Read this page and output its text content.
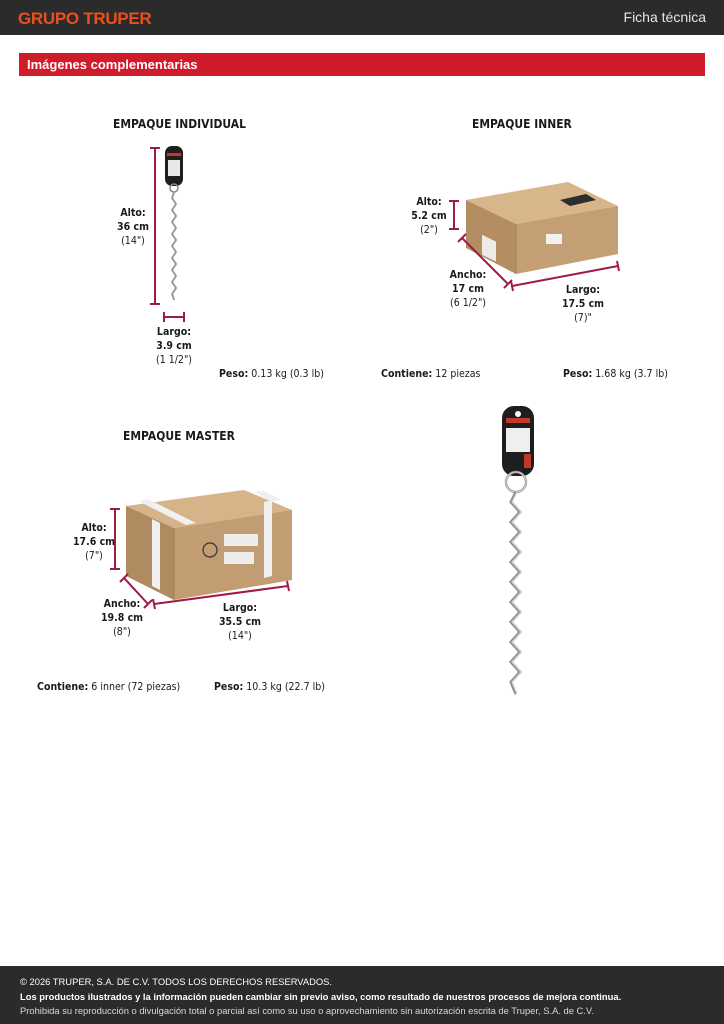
GRUPO TRUPER	Ficha técnica
Imágenes complementarias
EMPAQUE INDIVIDUAL
Alto:
36 cm
(14")
Largo:
3.9 cm
(1 1/2")
Peso: 0.13 kg (0.3 lb)
EMPAQUE INNER
Alto:
5.2 cm
(2")
Ancho:
17 cm
(6 1/2")
Largo:
17.5 cm
(7)"
Contiene: 12 piezas	Peso: 1.68 kg (3.7 lb)
EMPAQUE MASTER
Alto:
17.6 cm
(7")
Ancho:
19.8 cm
(8")
Largo:
35.5 cm
(14")
Contiene: 6 inner (72 piezas)	Peso: 10.3 kg (22.7 lb)
© 2026 TRUPER, S.A. DE C.V. TODOS LOS DERECHOS RESERVADOS.
Los productos ilustrados y la información pueden cambiar sin previo aviso, como resultado de nuestros procesos de mejora continua.
Prohibida su reproducción o divulgación total o parcial así como su uso o aprovechamiento sin autorización escrita de Truper, S.A. de C.V.
